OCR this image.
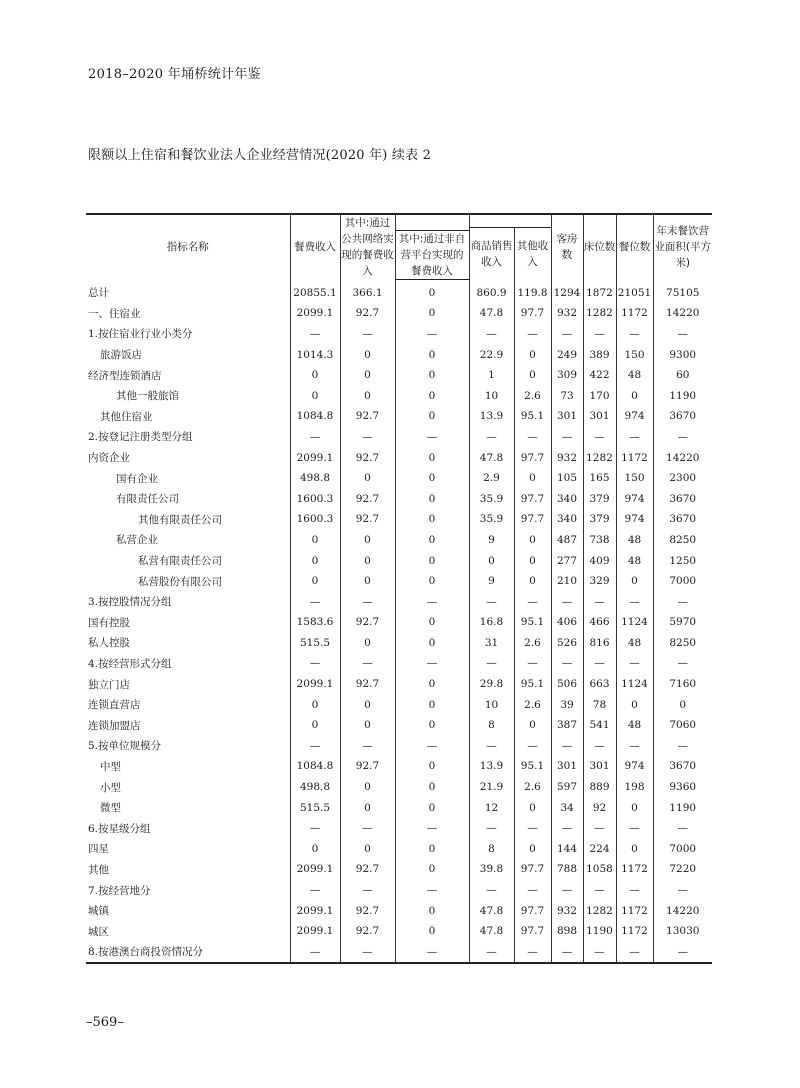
2018–2020 年埇桥统计年鉴
限额以上住宿和餐饮业法人企业经营情况(2020 年) 续表 2
指标名称	餐费收入	其中:通过公共网络实现的餐费收入				客房数	床位数	餐位数	年末餐饮营业面积(平方米)
				商品销售收入	其他收入				
			其中:通过非自营平台实现的餐费收入						
总计	20855.1	366.1	0	860.9	119.8	1294	1872	21051	75105
一、住宿业	2099.1	92.7	0	47.8	97.7	932	1282	1172	14220
1.按住宿业行业小类分	—	—	—	—	—	—	—	—	—
旅游饭店	1014.3	0	0	22.9	0	249	389	150	9300
经济型连锁酒店	0	0	0	1	0	309	422	48	60
其他一般旅馆	0	0	0	10	2.6	73	170	0	1190
其他住宿业	1084.8	92.7	0	13.9	95.1	301	301	974	3670
2.按登记注册类型分组	—	—	—	—	—	—	—	—	—
内资企业	2099.1	92.7	0	47.8	97.7	932	1282	1172	14220
国有企业	498.8	0	0	2.9	0	105	165	150	2300
有限责任公司	1600.3	92.7	0	35.9	97.7	340	379	974	3670
其他有限责任公司	1600.3	92.7	0	35.9	97.7	340	379	974	3670
私营企业	0	0	0	9	0	487	738	48	8250
私营有限责任公司	0	0	0	0	0	277	409	48	1250
私营股份有限公司	0	0	0	9	0	210	329	0	7000
3.按控股情况分组	—	—	—	—	—	—	—	—	—
国有控股	1583.6	92.7	0	16.8	95.1	406	466	1124	5970
私人控股	515.5	0	0	31	2.6	526	816	48	8250
4.按经营形式分组	—	—	—	—	—	—	—	—	—
独立门店	2099.1	92.7	0	29.8	95.1	506	663	1124	7160
连锁直营店	0	0	0	10	2.6	39	78	0	0
连锁加盟店	0	0	0	8	0	387	541	48	7060
5.按单位规模分	—	—	—	—	—	—	—	—	—
中型	1084.8	92.7	0	13.9	95.1	301	301	974	3670
小型	498.8	0	0	21.9	2.6	597	889	198	9360
微型	515.5	0	0	12	0	34	92	0	1190
6.按星级分组	—	—	—	—	—	—	—	—	—
四星	0	0	0	8	0	144	224	0	7000
其他	2099.1	92.7	0	39.8	97.7	788	1058	1172	7220
7.按经营地分	—	—	—	—	—	—	—	—	—
城镇	2099.1	92.7	0	47.8	97.7	932	1282	1172	14220
城区	2099.1	92.7	0	47.8	97.7	898	1190	1172	13030
8.按港澳台商投资情况分	—	—	—	—	—	—	—	—	—
–569–
